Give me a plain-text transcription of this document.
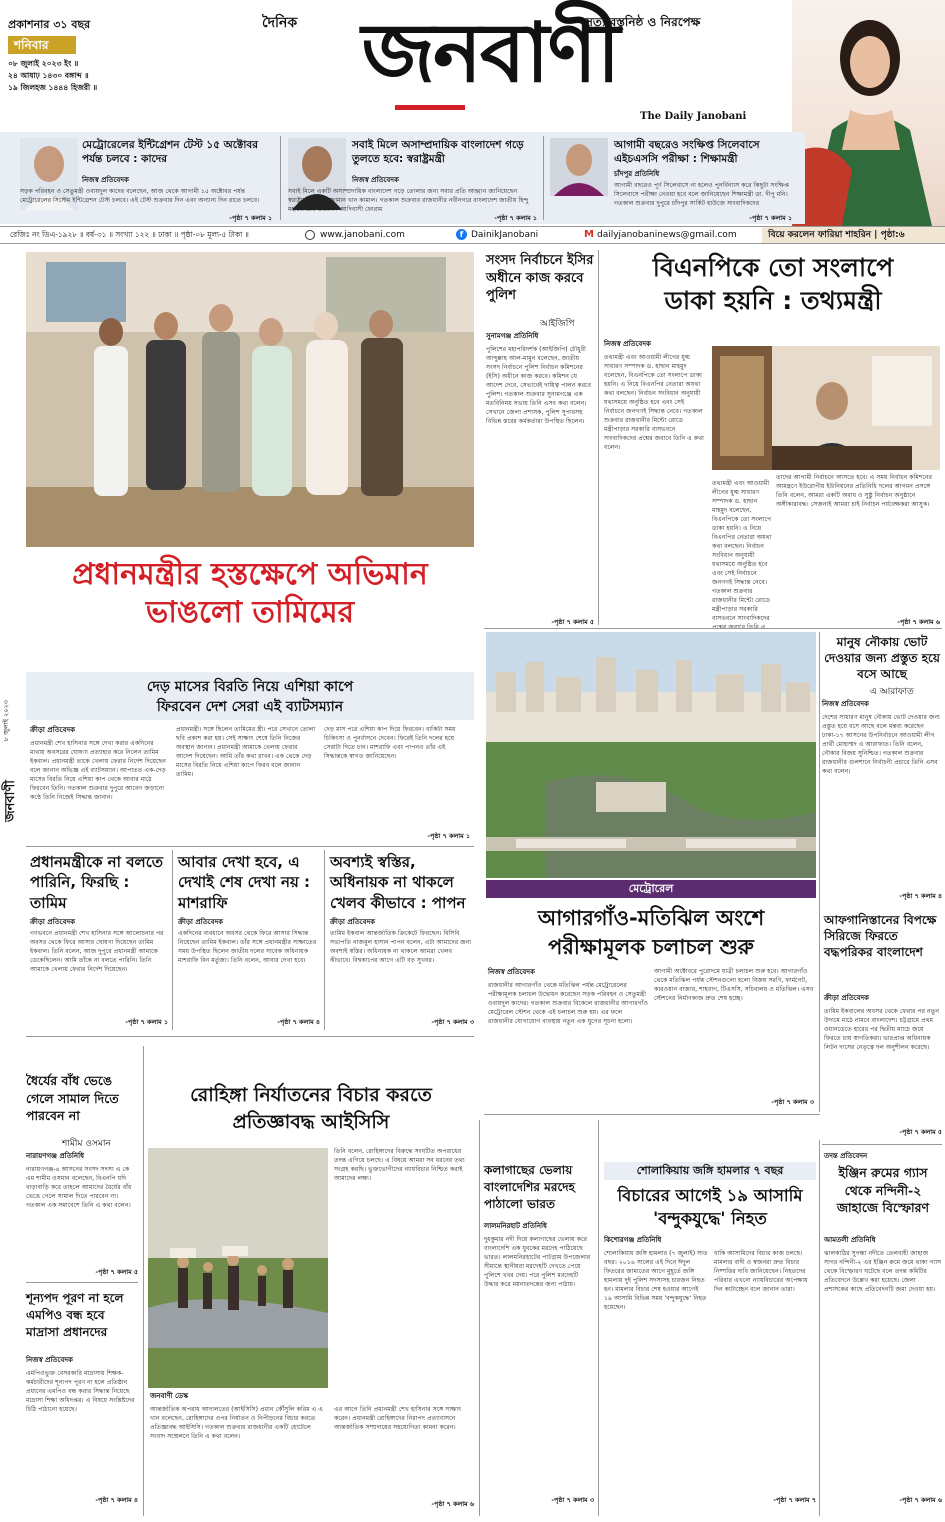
প্রকাশনার ৩১ বছর
শনিবার
০৮ জুলাই ২০২৩ ইং ॥
২৪ আষাঢ় ১৪৩০ বঙ্গাব্দ ॥
১৯ জিলহজ ১৪৪৪ হিজরী ॥
দৈনিক	সত্য বস্তুনিষ্ঠ ও নিরপেক্ষ
জনবাণী
The Daily Janobani
মেট্রোরেলের ইন্টিগ্রেশন টেস্ট ১৫ অক্টোবর পর্যন্ত চলবে : কাদের
নিজস্ব প্রতিবেদক
সড়ক পরিবহন ও সেতুমন্ত্রী ওবায়দুল কাদের বলেছেন, আজ থেকে আগামী ১৫ অক্টোবর পর্যন্ত মেট্রোরেলের সিস্টেম ইন্টিগ্রেশন টেস্ট চলবে। এই টেস্ট শুক্রবার দিন এবং অন্যান্য দিন রাতে চলবে।
-পৃষ্ঠা ৭ কলাম ১
সবাই মিলে অসাম্প্রদায়িক বাংলাদেশ গড়ে তুলতে হবে: স্বরাষ্ট্রমন্ত্রী
নিজস্ব প্রতিবেদক
সবাই মিলে একটি অসাম্প্রদায়িক বাংলাদেশ গড়ে তোলার জন্য সবার প্রতি আহ্বান জানিয়েছেন স্বরাষ্ট্রমন্ত্রী আসাদুজ্জামান খান কামাল। গতকাল শুক্রবার রাজধানীর নবীনগরে বাংলাদেশ জাতীয় হিন্দু মহাজোটের উত্তরবঙ্গ আদিবাসী ফোরাম
-পৃষ্ঠা ৭ কলাম ১
আগামী বছরেও সংক্ষিপ্ত সিলেবাসে এইচএসসি পরীক্ষা : শিক্ষামন্ত্রী
চাঁদপুর প্রতিনিধি
আগামী বছরেও পূর্ণ সিলেবাসে না হলেও পুনর্বিন্যাস করে কিছুটা সংক্ষিপ্ত সিলেবাসে পরীক্ষা নেওয়া হবে বলে জানিয়েছেন শিক্ষামন্ত্রী ডা. দীপু মনি। গতকাল শুক্রবার দুপুরে চাঁদপুর সার্কিট হাউজে সাংবাদিকদের
-পৃষ্ঠা ৭ কলাম ১
রেজিঃ নং ডিএ-১৯২৮ ॥ বর্ষ-৩১ ॥ সংখ্যা ১২২ ॥ ঢাকা ॥ পৃষ্ঠা-০৮ মূল্য-৫ টাকা ॥	www.janobani.com	f DainikJanobani	M dailyjanobaninews@gmail.com	বিয়ে করলেন ফারিয়া শাহরিন | পৃষ্ঠা:৬
৮ জুলাই ২০২৩
জনবাণী
প্রধানমন্ত্রীর হস্তক্ষেপে অভিমান
ভাঙলো তামিমের
দেড় মাসের বিরতি নিয়ে এশিয়া কাপে
ফিরবেন দেশ সেরা এই ব্যাটসম্যান
ক্রীড়া প্রতিবেদক
প্রধানমন্ত্রী শেখ হাসিনার সঙ্গে দেখা করার একদিনের মাথায় অবসরের ঘোষণা প্রত্যাহার করে নিলেন তামিম ইকবাল। প্রধানমন্ত্রী তাকে খেলায় ফেরার নির্দেশ দিয়েছেন বলে জানান অভিজ্ঞ এই ব্যাটসম্যান। আপাতত এক-দেড় মাসের বিরতি নিয়ে এশিয়া কাপ থেকে আবার মাঠে ফিরবেন তিনি। গতকাল শুক্রবার দুপুরে আবেগ জড়ানো কণ্ঠে তিনি নিজেই সিদ্ধান্ত জানান।
প্রধানমন্ত্রী। সঙ্গে ছিলেন তামিমের স্ত্রী। পরে সেখানে তোলা ছবি প্রকাশ করা হয়। সেই সাক্ষাৎ শেষে তিনি নিজের অবস্থান জানান। প্রধানমন্ত্রী আমাকে খেলায় ফেরার আদেশ দিয়েছেন। আমি তাঁর কথা রাখব। এক থেকে দেড় মাসের বিরতি নিয়ে এশিয়া কাপে ফিরব বলে জানান তামিম।
দেড় মাস পরে এশিয়া কাপ দিয়ে ফিরবেন। বাকিটা সময় চিকিৎসা ও পুনর্বাসনে দেবেন। ফিরেই তিনি দলের হয়ে সেরাটা দিতে চান। মাশরাফি এবং পাপনও তাঁর এই সিদ্ধান্তকে স্বাগত জানিয়েছেন।
-পৃষ্ঠা ৭ কলাম ১
প্রধানমন্ত্রীকে না বলতে পারিনি, ফিরছি : তামিম
ক্রীড়া প্রতিবেদক
গণভবনে প্রধানমন্ত্রী শেখ হাসিনার সঙ্গে আলোচনার পর অবসর থেকে ফিরে আসার ঘোষণা দিয়েছেন তামিম ইকবাল। তিনি বলেন, আজ দুপুরে প্রধানমন্ত্রী আমাকে ডেকেছিলেন। আমি তাঁকে না বলতে পারিনি। তিনি আমাকে খেলায় ফেরার নির্দেশ দিয়েছেন।
-পৃষ্ঠা ৭ কলাম ১
আবার দেখা হবে, এ দেখাই শেষ দেখা নয় : মাশরাফি
ক্রীড়া প্রতিবেদক
একদিনের ব্যবধানে অবসর থেকে ফিরে আসার সিদ্ধান্ত নিয়েছেন তামিম ইকবাল। তাঁর সঙ্গে প্রধানমন্ত্রীর সাক্ষাতের সময় উপস্থিত ছিলেন জাতীয় দলের সাবেক অধিনায়ক মাশরাফি বিন মর্তুজা। তিনি বলেন, আবার দেখা হবে।
-পৃষ্ঠা ৭ কলাম ৪
অবশ্যই স্বস্তির, অধিনায়ক না থাকলে খেলব কীভাবে : পাপন
ক্রীড়া প্রতিবেদক
তামিম ইকবাল আন্তর্জাতিক ক্রিকেটে ফিরছেন। বিসিবি সভাপতি নাজমুল হাসান পাপন বলেন, এটা আমাদের জন্য অবশ্যই স্বস্তির। অধিনায়ক না থাকলে আমরা খেলব কীভাবে। বিশ্বকাপের আগে এটি বড় সুখবর।
-পৃষ্ঠা ৭ কলাম ৩
সংসদ নির্বাচনে ইসির অধীনে কাজ করবে পুলিশ
আইজিপি
সুনামগঞ্জ প্রতিনিধি
পুলিশের মহাপরিদর্শক (আইজিপি) চৌধুরী আব্দুল্লাহ আল-মামুন বলেছেন, জাতীয় সংসদ নির্বাচনে পুলিশ নির্বাচন কমিশনের (ইসি) অধীনে কাজ করবে। কমিশন যে আদেশ দেবে, সেভাবেই দায়িত্ব পালন করবে পুলিশ। গতকাল শুক্রবার সুনামগঞ্জে এক মতবিনিময় সভায় তিনি এসব কথা বলেন। সেখানে জেলা প্রশাসক, পুলিশ সুপারসহ বিভিন্ন স্তরের কর্মকর্তারা উপস্থিত ছিলেন।
-পৃষ্ঠা ৭ কলাম ৫
বিএনপিকে তো সংলাপে
ডাকা হয়নি : তথ্যমন্ত্রী
নিজস্ব প্রতিবেদক
তথ্যমন্ত্রী এবং আওয়ামী লীগের যুগ্ম সাধারণ সম্পাদক ড. হাছান মাহমুদ বলেছেন, বিএনপিকে তো সংলাপে ডাকা হয়নি। এ নিয়ে বিএনপির নেতারা অযথা কথা বলছেন। নির্বাচন সংবিধান অনুযায়ী যথাসময়ে অনুষ্ঠিত হবে এবং সেই নির্বাচনে জনগণই সিদ্ধান্ত নেবে। গতকাল শুক্রবার রাজধানীর মিন্টো রোডে মন্ত্রীপাড়ার সরকারি বাসভবনে সাংবাদিকদের প্রশ্নের জবাবে তিনি এ কথা বলেন।
তথ্যমন্ত্রী এবং আওয়ামী লীগের যুগ্ম সাধারণ সম্পাদক ড. হাছান মাহমুদ বলেছেন, বিএনপিকে তো সংলাপে ডাকা হয়নি। এ নিয়ে বিএনপির নেতারা অযথা কথা বলছেন। নির্বাচন সংবিধান অনুযায়ী যথাসময়ে অনুষ্ঠিত হবে এবং সেই নির্বাচনে জনগণই সিদ্ধান্ত নেবে। গতকাল শুক্রবার রাজধানীর মিন্টো রোডে মন্ত্রীপাড়ার সরকারি বাসভবনে সাংবাদিকদের প্রশ্নের জবাবে তিনি এ
তাদের আগামী নির্বাচনে আসতে হবে। এ সময় নির্বাচন কমিশনের আমন্ত্রণে ইউরোপীয় ইউনিয়নের প্রতিনিধি দলের আগমন প্রসঙ্গে তিনি বলেন, আমরা একটি অবাধ ও সুষ্ঠু নির্বাচন অনুষ্ঠানে অঙ্গীকারাবদ্ধ। সেজন্যই আমরা চাই নির্বাচন পর্যবেক্ষকরা আসুক।
-পৃষ্ঠা ৭ কলাম ৬
মানুষ নৌকায় ভোট দেওয়ার জন্য প্রস্তুত হয়ে বসে আছে
এ আরাফাত
নিজস্ব প্রতিবেদক
দেশের সাধারণ মানুষ নৌকায় ভোট দেওয়ার জন্য প্রস্তুত হয়ে বসে আছে বলে মন্তব্য করেছেন ঢাকা-১৭ আসনের উপনির্বাচনে আওয়ামী লীগ প্রার্থী মোহাম্মদ এ আরাফাত। তিনি বলেন, নৌকার বিজয় সুনিশ্চিত। গতকাল শুক্রবার রাজধানীর গুলশানে নির্বাচনী প্রচারে তিনি এসব কথা বলেন।
-পৃষ্ঠা ৭ কলাম ৪
মেট্রোরেল
আগারগাঁও-মতিঝিল অংশে
পরীক্ষামূলক চলাচল শুরু
নিজস্ব প্রতিবেদক
রাজধানীর আগারগাঁও থেকে মতিঝিল পর্যন্ত মেট্রোরেলের পরীক্ষামূলক চলাচল উদ্বোধন করেছেন সড়ক পরিবহন ও সেতুমন্ত্রী ওবায়দুল কাদের। গতকাল শুক্রবার বিকেলে রাজধানীর আগারগাঁও মেট্রোরেল স্টেশন থেকে এই চলাচল শুরু হয়। এর ফলে রাজধানীর যোগাযোগ ব্যবস্থায় নতুন এক যুগের সূচনা হলো।
আগামী অক্টোবরে পুরোদমে যাত্রী চলাচল শুরু হবে। আগারগাঁও থেকে মতিঝিল পর্যন্ত স্টেশনগুলো হলো বিজয় সরণি, ফার্মগেট, কারওয়ান বাজার, শাহবাগ, টিএসসি, সচিবালয় ও মতিঝিল। এসব স্টেশনের নির্মাণকাজ দ্রুত শেষ হচ্ছে।
-পৃষ্ঠা ৭ কলাম ৩
আফগানিস্তানের বিপক্ষে সিরিজে ফিরতে বদ্ধপরিকর বাংলাদেশ
ক্রীড়া প্রতিবেদক
তামিম ইকবালের অবসর থেকে ফেরার পর নতুন উদ্যমে মাঠে নামবে বাংলাদেশ। চট্টগ্রামে প্রথম ওয়ানডেতে হারের পর দ্বিতীয় ম্যাচে জয়ে ফিরতে চায় স্বাগতিকরা। ভারপ্রাপ্ত অধিনায়ক লিটন দাসের নেতৃত্বে দল অনুশীলন করেছে।
-পৃষ্ঠা ৭ কলাম ৫
ধৈর্যের বাঁধ ভেঙে গেলে সামাল দিতে পারবেন না
শামীম ওসমান
নারায়ণগঞ্জ প্রতিনিধি
নারায়ণগঞ্জ-৪ আসনের সংসদ সদস্য এ কে এম শামীম ওসমান বলেছেন, বিএনপি যদি বাড়াবাড়ি করে তাহলে আমাদের ধৈর্যের বাঁধ ভেঙে গেলে সামাল দিতে পারবেন না। গতকাল এক সমাবেশে তিনি এ কথা বলেন।
-পৃষ্ঠা ৭ কলাম ৫
শূন্যপদ পূরণ না হলে এমপিও বন্ধ হবে মাদ্রাসা প্রধানদের
নিজস্ব প্রতিবেদক
এমপিওভুক্ত বেসরকারি মাদ্রাসায় শিক্ষক-কর্মচারীদের শূন্যপদ পূরণ না হলে প্রতিষ্ঠান প্রধানের এমপিও বন্ধ করার সিদ্ধান্ত নিয়েছে মাদ্রাসা শিক্ষা অধিদপ্তর। এ বিষয়ে সংশ্লিষ্টদের চিঠি পাঠানো হয়েছে।
-পৃষ্ঠা ৭ কলাম ৪
রোহিঙ্গা নির্যাতনের বিচার করতে
প্রতিজ্ঞাবদ্ধ আইসিসি
জনবাণী ডেস্ক
আন্তর্জাতিক অপরাধ আদালতের (আইসিসি) প্রধান কৌঁসুলি করিম এ এ খান বলেছেন, রোহিঙ্গাদের ওপর নির্যাতন ও নিপীড়নের বিচার করতে প্রতিজ্ঞাবদ্ধ আইসিসি। গতকাল শুক্রবার রাজধানীর একটি হোটেলে সংবাদ সম্মেলনে তিনি এ কথা বলেন।
তিনি বলেন, রোহিঙ্গাদের বিরুদ্ধে সংঘটিত অপরাধের তদন্ত এগিয়ে চলছে। এ বিষয়ে আমরা সব ধরনের তথ্য সংগ্রহ করছি। ভুক্তভোগীদের ন্যায়বিচার নিশ্চিত করাই আমাদের লক্ষ্য।
এর আগে তিনি প্রধানমন্ত্রী শেখ হাসিনার সঙ্গে সাক্ষাৎ করেন। প্রধানমন্ত্রী রোহিঙ্গাদের নিরাপদ প্রত্যাবাসনে আন্তর্জাতিক সম্প্রদায়ের সহযোগিতা কামনা করেন।
-পৃষ্ঠা ৭ কলাম ৬
কলাগাছের ভেলায় বাংলাদেশির মরদেহ পাঠালো ভারত
লালমনিরহাট প্রতিনিধি
দুধকুমার নদী দিয়ে কলাগাছের ভেলায় করে বাংলাদেশি এক যুবকের মরদেহ পাঠিয়েছে ভারত। লালমনিরহাটের পাটগ্রাম উপজেলার সীমান্তে স্থানীয়রা মরদেহটি দেখতে পেয়ে পুলিশে খবর দেয়। পরে পুলিশ মরদেহটি উদ্ধার করে ময়নাতদন্তের জন্য পাঠায়।
-পৃষ্ঠা ৭ কলাম ৩
শোলাকিয়ায় জঙ্গি হামলার ৭ বছর
বিচারের আগেই ১৯ আসামি
'বন্দুকযুদ্ধে' নিহত
কিশোরগঞ্জ প্রতিনিধি
শোলাকিয়ায় জঙ্গি হামলার (৭ জুলাই) সাত বছর। ২০১৬ সালের এই দিনে ঈদুল ফিতরের জামাতের আগে মুহূর্তে জঙ্গি হামলায় দুই পুলিশ সদস্যসহ চারজন নিহত হন। মামলার বিচার শেষ হওয়ার আগেই ১৯ আসামি বিভিন্ন সময় 'বন্দুকযুদ্ধে' নিহত হয়েছেন।
বাকি আসামিদের বিচার কাজ চলছে। মামলার বাদী ও স্বজনরা দ্রুত বিচার নিষ্পত্তির দাবি জানিয়েছেন। নিহতদের পরিবার এখনো ন্যায়বিচারের অপেক্ষায় দিন কাটাচ্ছেন বলে জানান তারা।
-পৃষ্ঠা ৭ কলাম ৭
তদন্ত প্রতিবেদন
ইঞ্জিন রুমের গ্যাস থেকে নন্দিনী-২ জাহাজে বিস্ফোরণ
আমতলী প্রতিনিধি
ঝালকাঠির সুগন্ধা নদীতে তেলবাহী জাহাজ সাগর নন্দিনী-২ এর ইঞ্জিন রুমে জমে থাকা গ্যাস থেকে বিস্ফোরণ ঘটেছে বলে তদন্ত কমিটির প্রতিবেদনে উল্লেখ করা হয়েছে। জেলা প্রশাসকের কাছে প্রতিবেদনটি জমা দেওয়া হয়।
-পৃষ্ঠা ৭ কলাম ৬
